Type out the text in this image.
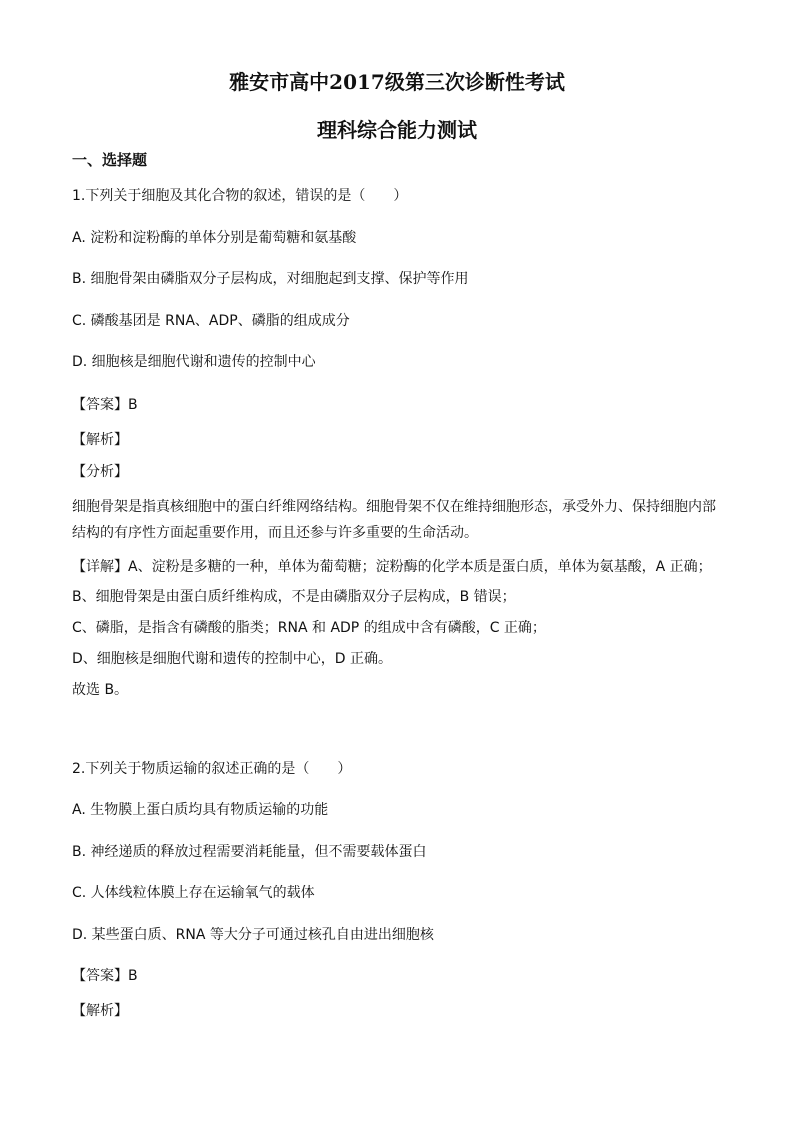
雅安市高中2017级第三次诊断性考试
理科综合能力测试
一、选择题
1.下列关于细胞及其化合物的叙述，错误的是（　　）
A. 淀粉和淀粉酶的单体分别是葡萄糖和氨基酸
B. 细胞骨架由磷脂双分子层构成，对细胞起到支撑、保护等作用
C. 磷酸基团是 RNA、ADP、磷脂的组成成分
D. 细胞核是细胞代谢和遗传的控制中心
【答案】B
【解析】
【分析】
细胞骨架是指真核细胞中的蛋白纤维网络结构。细胞骨架不仅在维持细胞形态，承受外力、保持细胞内部结构的有序性方面起重要作用，而且还参与许多重要的生命活动。
【详解】A、淀粉是多糖的一种，单体为葡萄糖；淀粉酶的化学本质是蛋白质，单体为氨基酸，A 正确；
B、细胞骨架是由蛋白质纤维构成，不是由磷脂双分子层构成，B 错误；
C、磷脂，是指含有磷酸的脂类；RNA 和 ADP 的组成中含有磷酸，C 正确；
D、细胞核是细胞代谢和遗传的控制中心，D 正确。
故选 B。
2.下列关于物质运输的叙述正确的是（　　）
A. 生物膜上蛋白质均具有物质运输的功能
B. 神经递质的释放过程需要消耗能量，但不需要载体蛋白
C. 人体线粒体膜上存在运输氧气的载体
D. 某些蛋白质、RNA 等大分子可通过核孔自由进出细胞核
【答案】B
【解析】
